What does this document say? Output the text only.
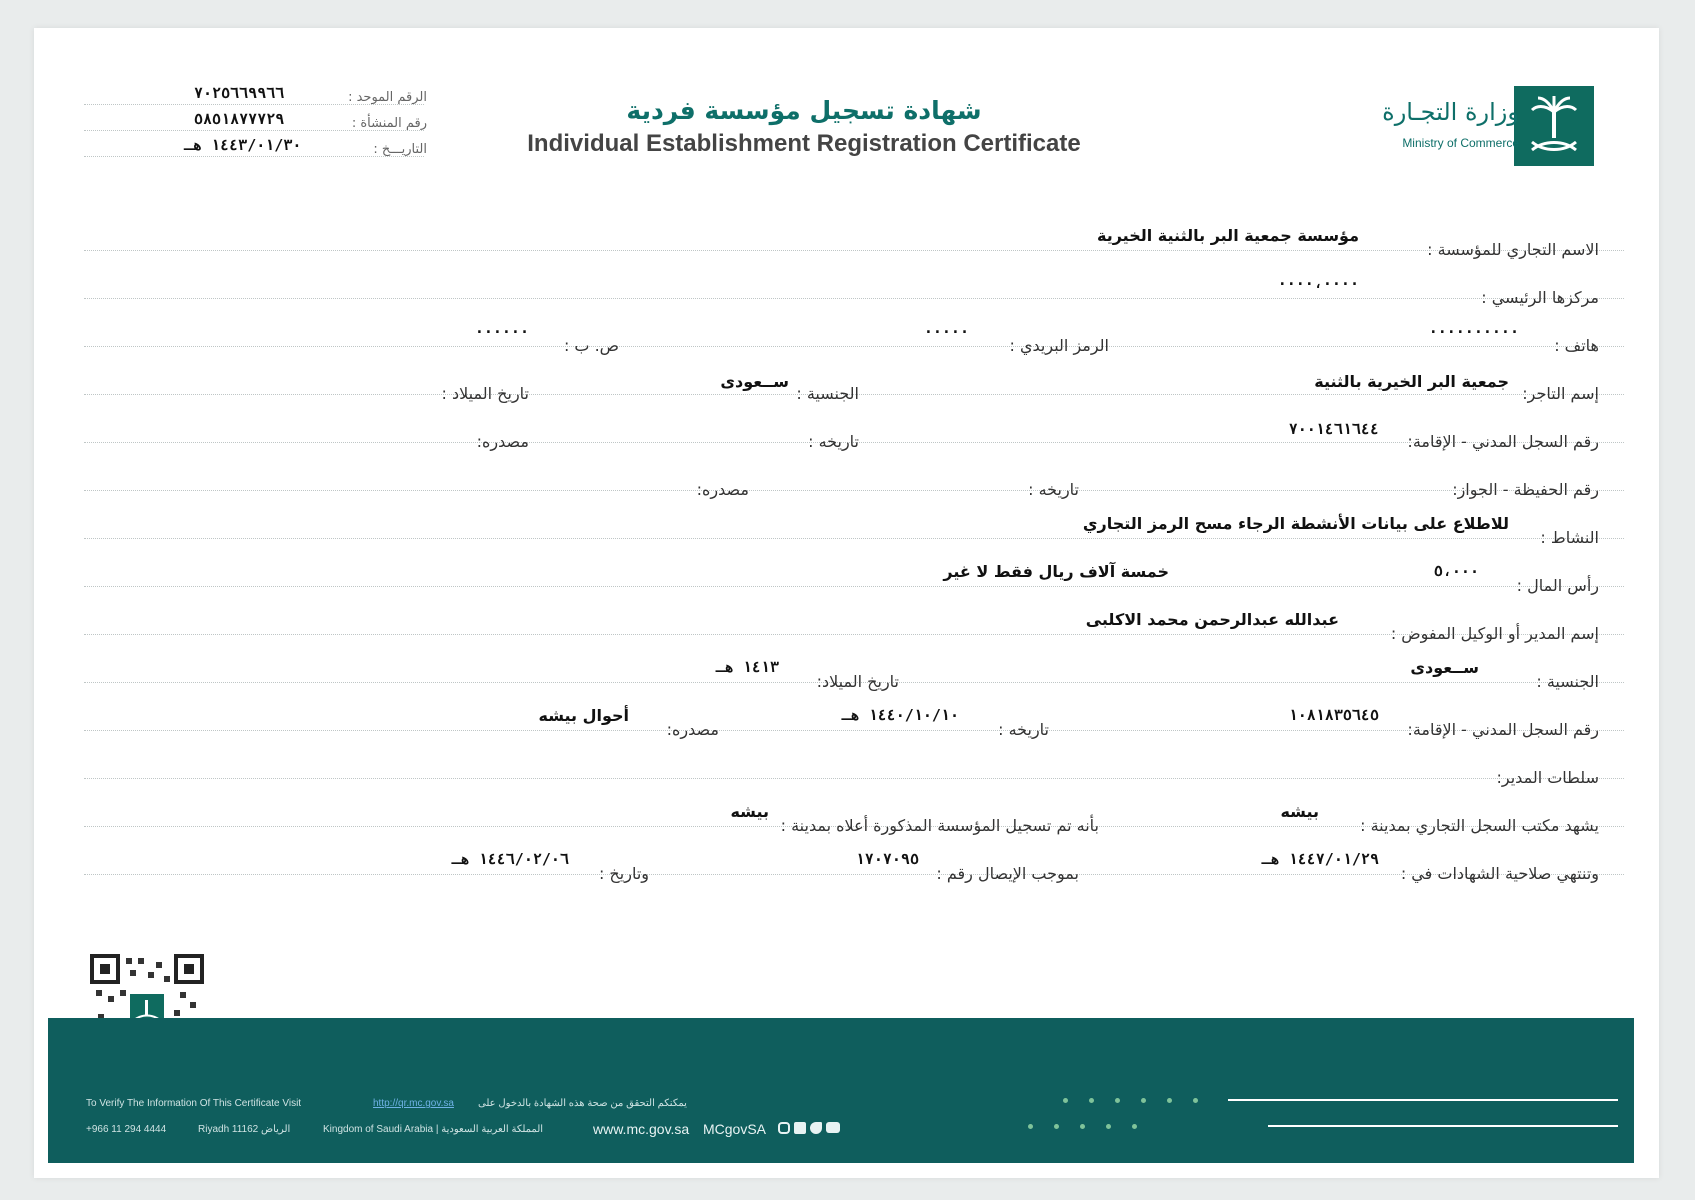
وزارة التجـارة
Ministry of Commerce
شهادة تسجيل مؤسسة فردية
Individual Establishment Registration Certificate
الرقم الموحد :
٧٠٢٥٦٦٩٩٦٦
رقم المنشأة :
٥٨٥١٨٧٧٧٢٩
التاريـــخ :
١٤٤٣/٠١/٣٠ هـ
الاسم التجاري للمؤسسة :
مؤسسة جمعية البر بالثنية الخيرية
مركزها الرئيسي :
٠٠٠٠،٠٠٠٠
هاتف :
٠٠٠٠٠٠٠٠٠٠
الرمز البريدي :
٠٠٠٠٠
ص. ب :
٠٠٠٠٠٠
إسم التاجر:
جمعية البر الخيرية بالثنية
الجنسية :
ســعودى
تاريخ الميلاد :
رقم السجل المدني - الإقامة:
٧٠٠١٤٦١٦٤٤
تاريخه :
مصدره:
رقم الحفيظة - الجواز:
تاريخه :
مصدره:
النشاط :
للاطلاع على بيانات الأنشطة الرجاء مسح الرمز التجاري
رأس المال :
٥،٠٠٠
خمسة آلاف ريال فقط لا غير
إسم المدير أو الوكيل المفوض :
عبدالله عبدالرحمن محمد الاكلبى
الجنسية :
ســعودى
تاريخ الميلاد:
١٤١٣ هـ
رقم السجل المدني - الإقامة:
١٠٨١٨٣٥٦٤٥
تاريخه :
١٤٤٠/١٠/١٠ هـ
مصدره:
أحوال بيشه
سلطات المدير:
يشهد مكتب السجل التجاري بمدينة :
بيشه
بأنه تم تسجيل المؤسسة المذكورة أعلاه بمدينة :
بيشه
وتنتهي صلاحية الشهادات في :
١٤٤٧/٠١/٢٩ هـ
بموجب الإيصال رقم :
١٧٠٧٠٩٥
وتاريخ :
١٤٤٦/٠٢/٠٦ هـ
To Verify The Information Of This Certificate Visit	http://qr.mc.gov.sa يمكنكم التحقق من صحة هذه الشهادة بالدخول على
+966 11 294 4444	Riyadh 11162 الرياض	Kingdom of Saudi Arabia | المملكة العربية السعودية	www.mc.gov.sa MCgovSA
